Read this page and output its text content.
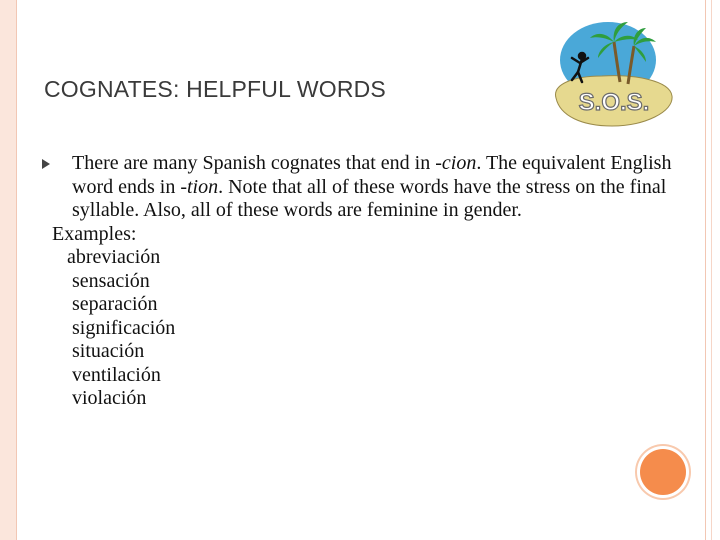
COGNATES: HELPFUL WORDS	S.O.S.
There are many Spanish cognates that end in -cion. The equivalent English word ends in -tion. Note that all of these words have the stress on the final syllable. Also, all of these words are feminine in gender.
Examples:
abreviación
sensación
separación
significación
situación
ventilación
violación
